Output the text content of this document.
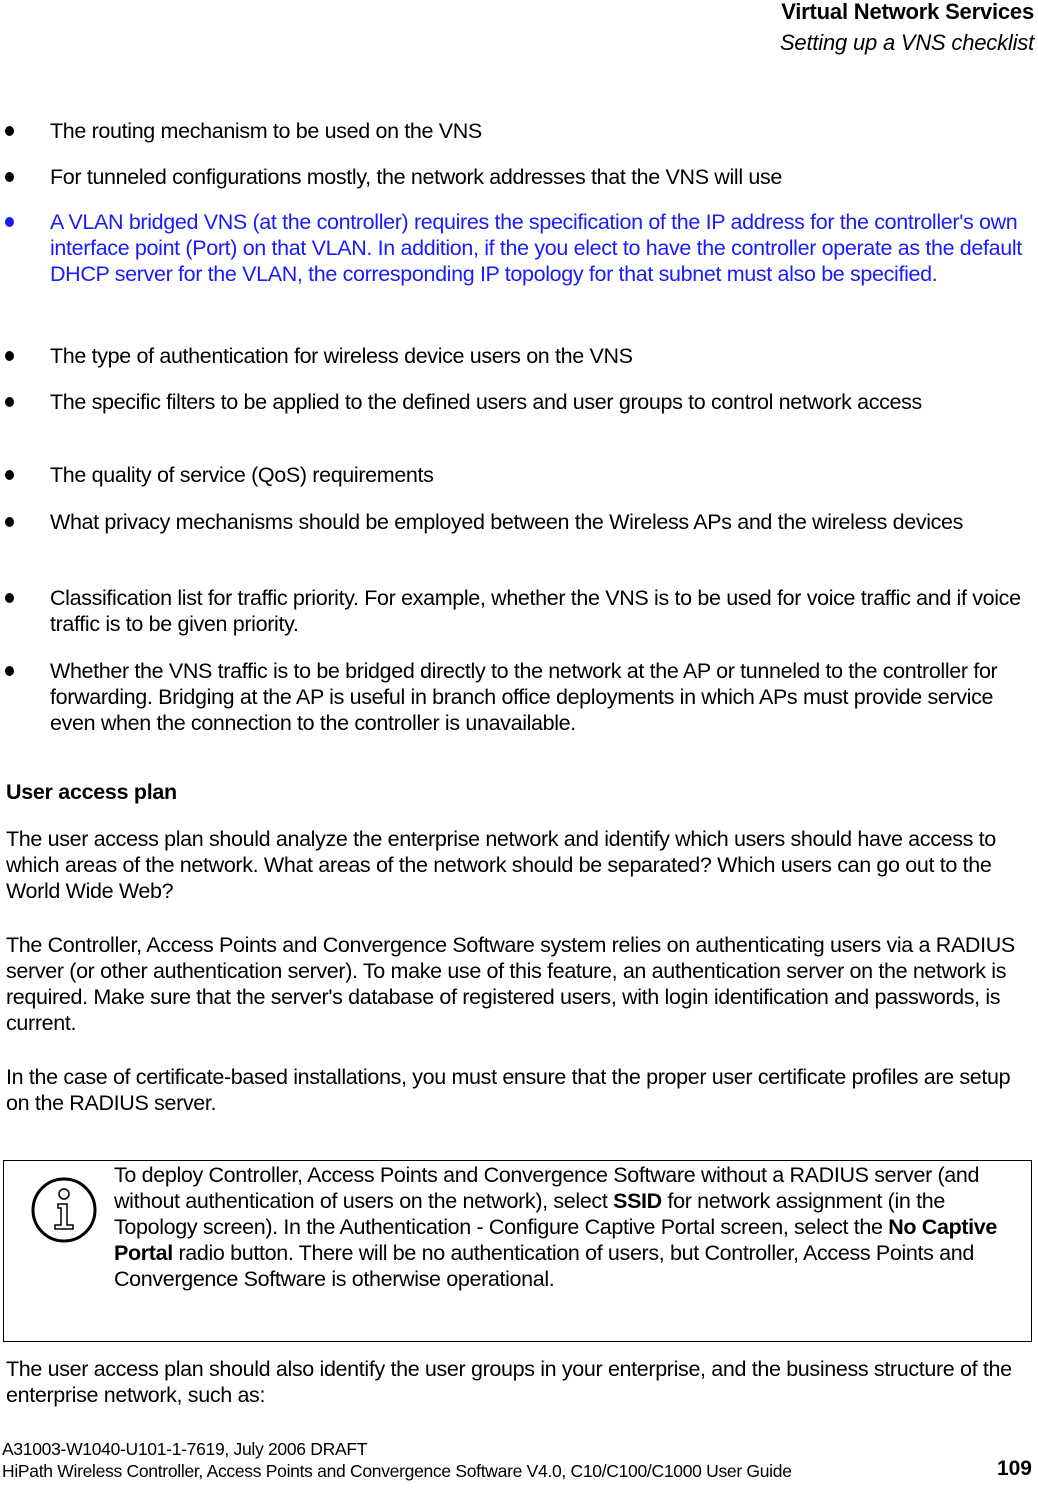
Virtual Network Services
Setting up a VNS checklist
The routing mechanism to be used on the VNS
For tunneled configurations mostly, the network addresses that the VNS will use
A VLAN bridged VNS (at the controller) requires the specification of the IP address for the controller's own interface point (Port) on that VLAN. In addition, if the you elect to have the controller operate as the default DHCP server for the VLAN, the corresponding IP topology for that subnet must also be specified.
The type of authentication for wireless device users on the VNS
The specific filters to be applied to the defined users and user groups to control network access
The quality of service (QoS) requirements
What privacy mechanisms should be employed between the Wireless APs and the wireless devices
Classification list for traffic priority. For example, whether the VNS is to be used for voice traffic and if voice traffic is to be given priority.
Whether the VNS traffic is to be bridged directly to the network at the AP or tunneled to the controller for forwarding. Bridging at the AP is useful in branch office deployments in which APs must provide service even when the connection to the controller is unavailable.
User access plan
The user access plan should analyze the enterprise network and identify which users should have access to which areas of the network. What areas of the network should be separated? Which users can go out to the World Wide Web?
The Controller, Access Points and Convergence Software system relies on authenticating users via a RADIUS server (or other authentication server). To make use of this feature, an authentication server on the network is required. Make sure that the server's database of registered users, with login identification and passwords, is current.
In the case of certificate-based installations, you must ensure that the proper user certificate profiles are setup on the RADIUS server.
To deploy Controller, Access Points and Convergence Software without a RADIUS server (and without authentication of users on the network), select SSID for network assignment (in the Topology screen). In the Authentication - Configure Captive Portal screen, select the No Captive Portal radio button. There will be no authentication of users, but Controller, Access Points and Convergence Software is otherwise operational.
The user access plan should also identify the user groups in your enterprise, and the business structure of the enterprise network, such as:
A31003-W1040-U101-1-7619, July 2006 DRAFT
HiPath Wireless Controller, Access Points and Convergence Software V4.0, C10/C100/C1000 User Guide	109
